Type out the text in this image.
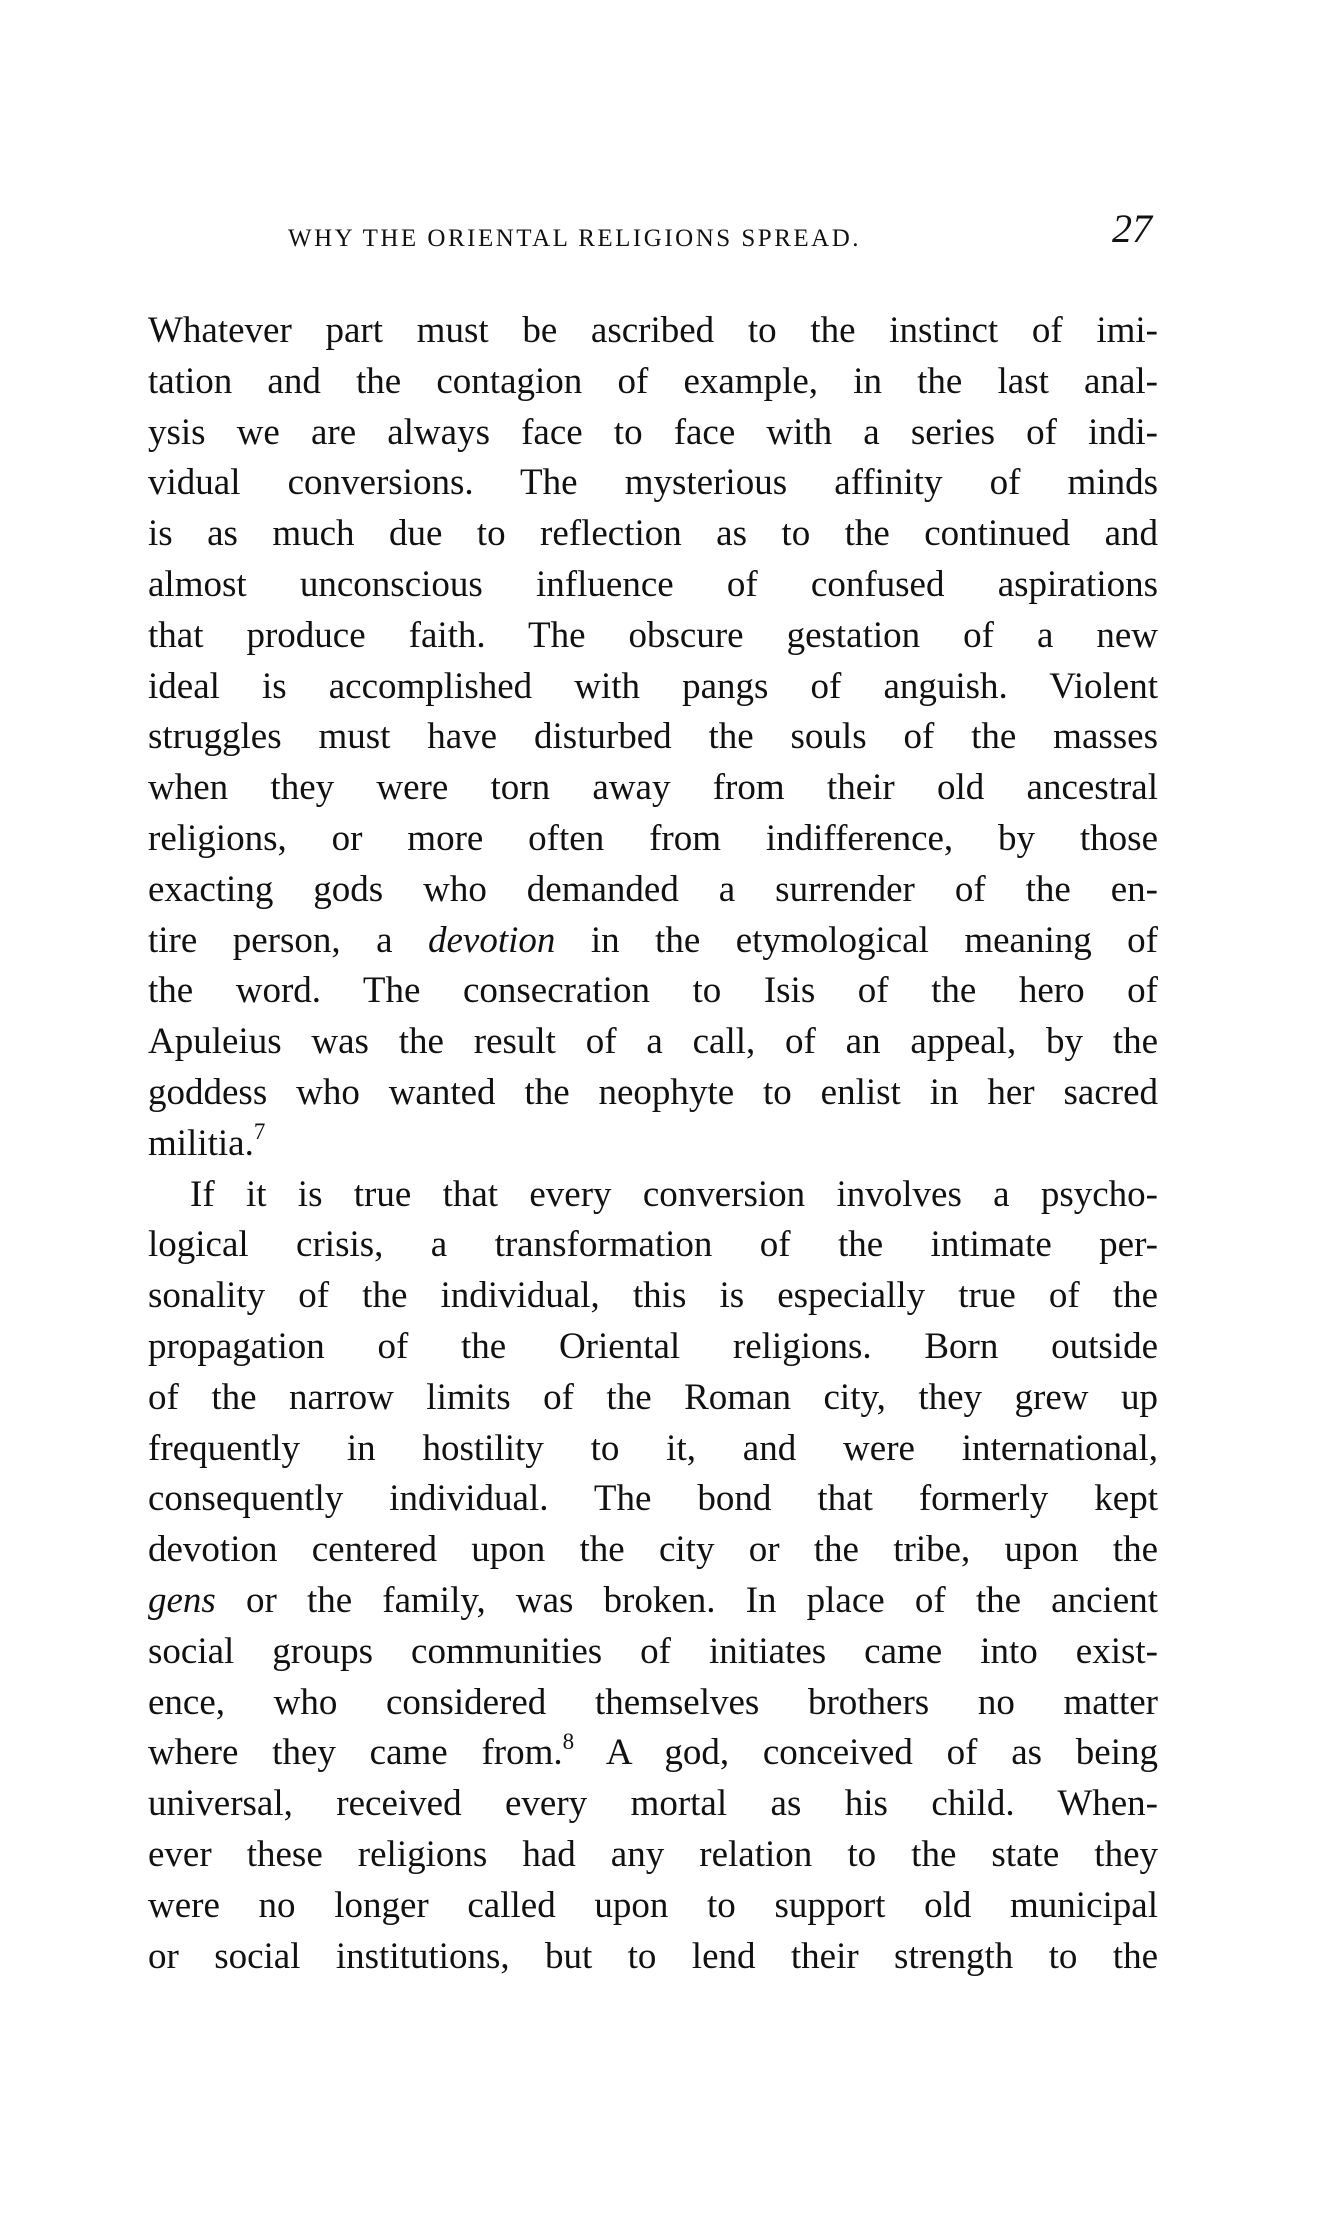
WHY THE ORIENTAL RELIGIONS SPREAD.	27

Whatever part must be ascribed to the instinct of imi-
tation and the contagion of example, in the last anal-
ysis we are always face to face with a series of indi-
vidual conversions. The mysterious affinity of minds
is as much due to reflection as to the continued and
almost unconscious influence of confused aspirations
that produce faith. The obscure gestation of a new
ideal is accomplished with pangs of anguish. Violent
struggles must have disturbed the souls of the masses
when they were torn away from their old ancestral
religions, or more often from indifference, by those
exacting gods who demanded a surrender of the en-
tire person, a devotion in the etymological meaning of
the word. The consecration to Isis of the hero of
Apuleius was the result of a call, of an appeal, by the
goddess who wanted the neophyte to enlist in her sacred
militia.$^7$

If it is true that every conversion involves a psycho-
logical crisis, a transformation of the intimate per-
sonality of the individual, this is especially true of the
propagation of the Oriental religions. Born outside
of the narrow limits of the Roman city, they grew up
frequently in hostility to it, and were international,
consequently individual. The bond that formerly kept
devotion centered upon the city or the tribe, upon the
gens or the family, was broken. In place of the ancient
social groups communities of initiates came into exist-
ence, who considered themselves brothers no matter
where they came from.$^8$ A god, conceived of as being
universal, received every mortal as his child. When-
ever these religions had any relation to the state they
were no longer called upon to support old municipal
or social institutions, but to lend their strength to the
